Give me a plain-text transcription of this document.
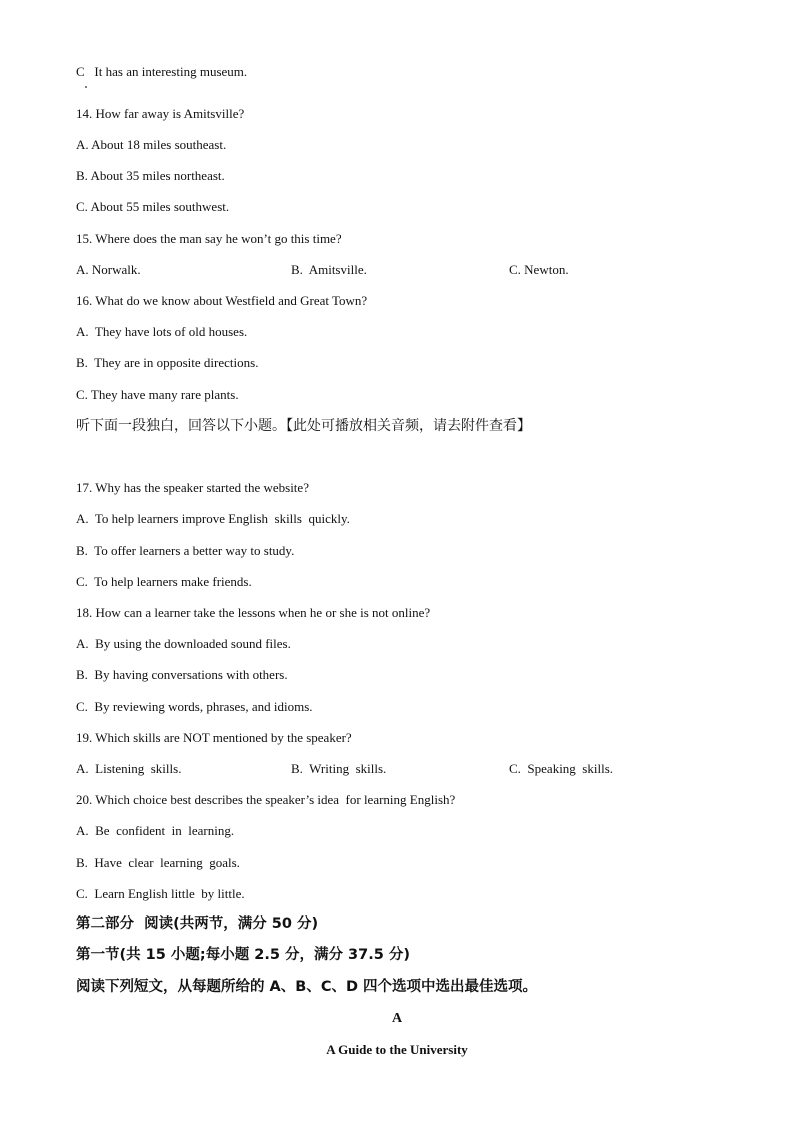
C   It has an interesting museum.
14. How far away is Amitsville?
A. About 18 miles southeast.
B. About 35 miles northeast.
C. About 55 miles southwest.
15. Where does the man say he won’t go this time?
A. Norwalk.	B.  Amitsville.	C. Newton.
16. What do we know about Westfield and Great Town?
A.  They have lots of old houses.
B.  They are in opposite directions.
C. They have many rare plants.
听下面一段独白，回答以下小题。【此处可播放相关音频，请去附件查看】
17. Why has the speaker started the website?
A.  To help learners improve English  skills  quickly.
B.  To offer learners a better way to study.
C.  To help learners make friends.
18. How can a learner take the lessons when he or she is not online?
A.  By using the downloaded sound files.
B.  By having conversations with others.
C.  By reviewing words, phrases, and idioms.
19. Which skills are NOT mentioned by the speaker?
A.  Listening  skills.	B.  Writing  skills.	C.  Speaking  skills.
20. Which choice best describes the speaker’s idea  for learning English?
A.  Be  confident  in  learning.
B.  Have  clear  learning  goals.
C.  Learn English little  by little.
第二部分  阅读(共两节，满分 50 分)
第一节(共 15 小题;每小题 2.5 分，满分 37.5 分)
阅读下列短文，从每题所给的 A、B、C、D 四个选项中选出最佳选项。
A
A Guide to the University
